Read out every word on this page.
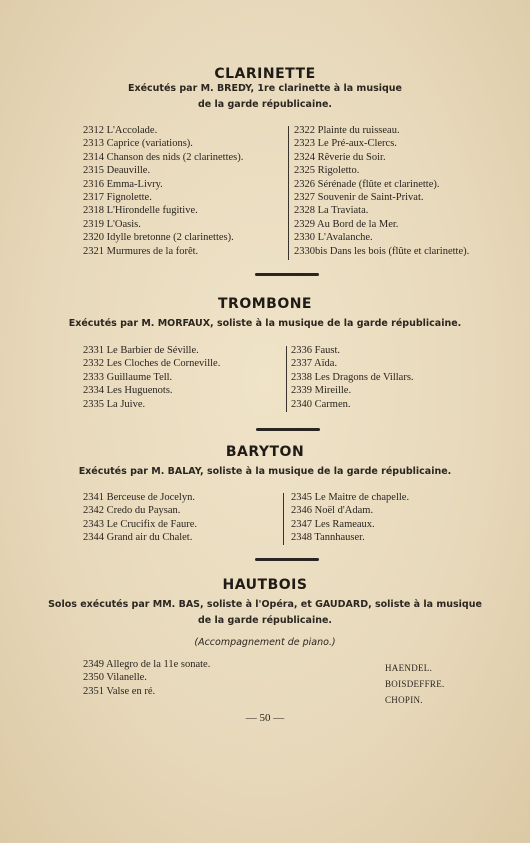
CLARINETTE
Exécutés par M. BREDY, 1re clarinette à la musique
de la garde républicaine.
2312 L'Accolade.
2313 Caprice (variations).
2314 Chanson des nids (2 clarinettes).
2315 Deauville.
2316 Emma-Livry.
2317 Fignolette.
2318 L'Hirondelle fugitive.
2319 L'Oasis.
2320 Idylle bretonne (2 clarinettes).
2321 Murmures de la forêt.
2322 Plainte du ruisseau.
2323 Le Pré-aux-Clercs.
2324 Rêverie du Soir.
2325 Rigoletto.
2326 Sérénade (flûte et clarinette).
2327 Souvenir de Saint-Privat.
2328 La Traviata.
2329 Au Bord de la Mer.
2330 L'Avalanche.
2330bis Dans les bois (flûte et clarinette).
TROMBONE
Exécutés par M. MORFAUX, soliste à la musique de la garde républicaine.
2331 Le Barbier de Séville.
2332 Les Cloches de Corneville.
2333 Guillaume Tell.
2334 Les Huguenots.
2335 La Juive.
2336 Faust.
2337 Aïda.
2338 Les Dragons de Villars.
2339 Mireille.
2340 Carmen.
BARYTON
Exécutés par M. BALAY, soliste à la musique de la garde républicaine.
2341 Berceuse de Jocelyn.
2342 Credo du Paysan.
2343 Le Crucifix de Faure.
2344 Grand air du Chalet.
2345 Le Maitre de chapelle.
2346 Noël d'Adam.
2347 Les Rameaux.
2348 Tannhauser.
HAUTBOIS
Solos exécutés par MM. BAS, soliste à l'Opéra, et GAUDARD, soliste à la musique
de la garde républicaine.
(Accompagnement de piano.)
2349 Allegro de la 11e sonate.
2350 Vilanelle.
2351 Valse en ré.
HAENDEL.
BOISDEFFRE.
CHOPIN.
— 50 —
